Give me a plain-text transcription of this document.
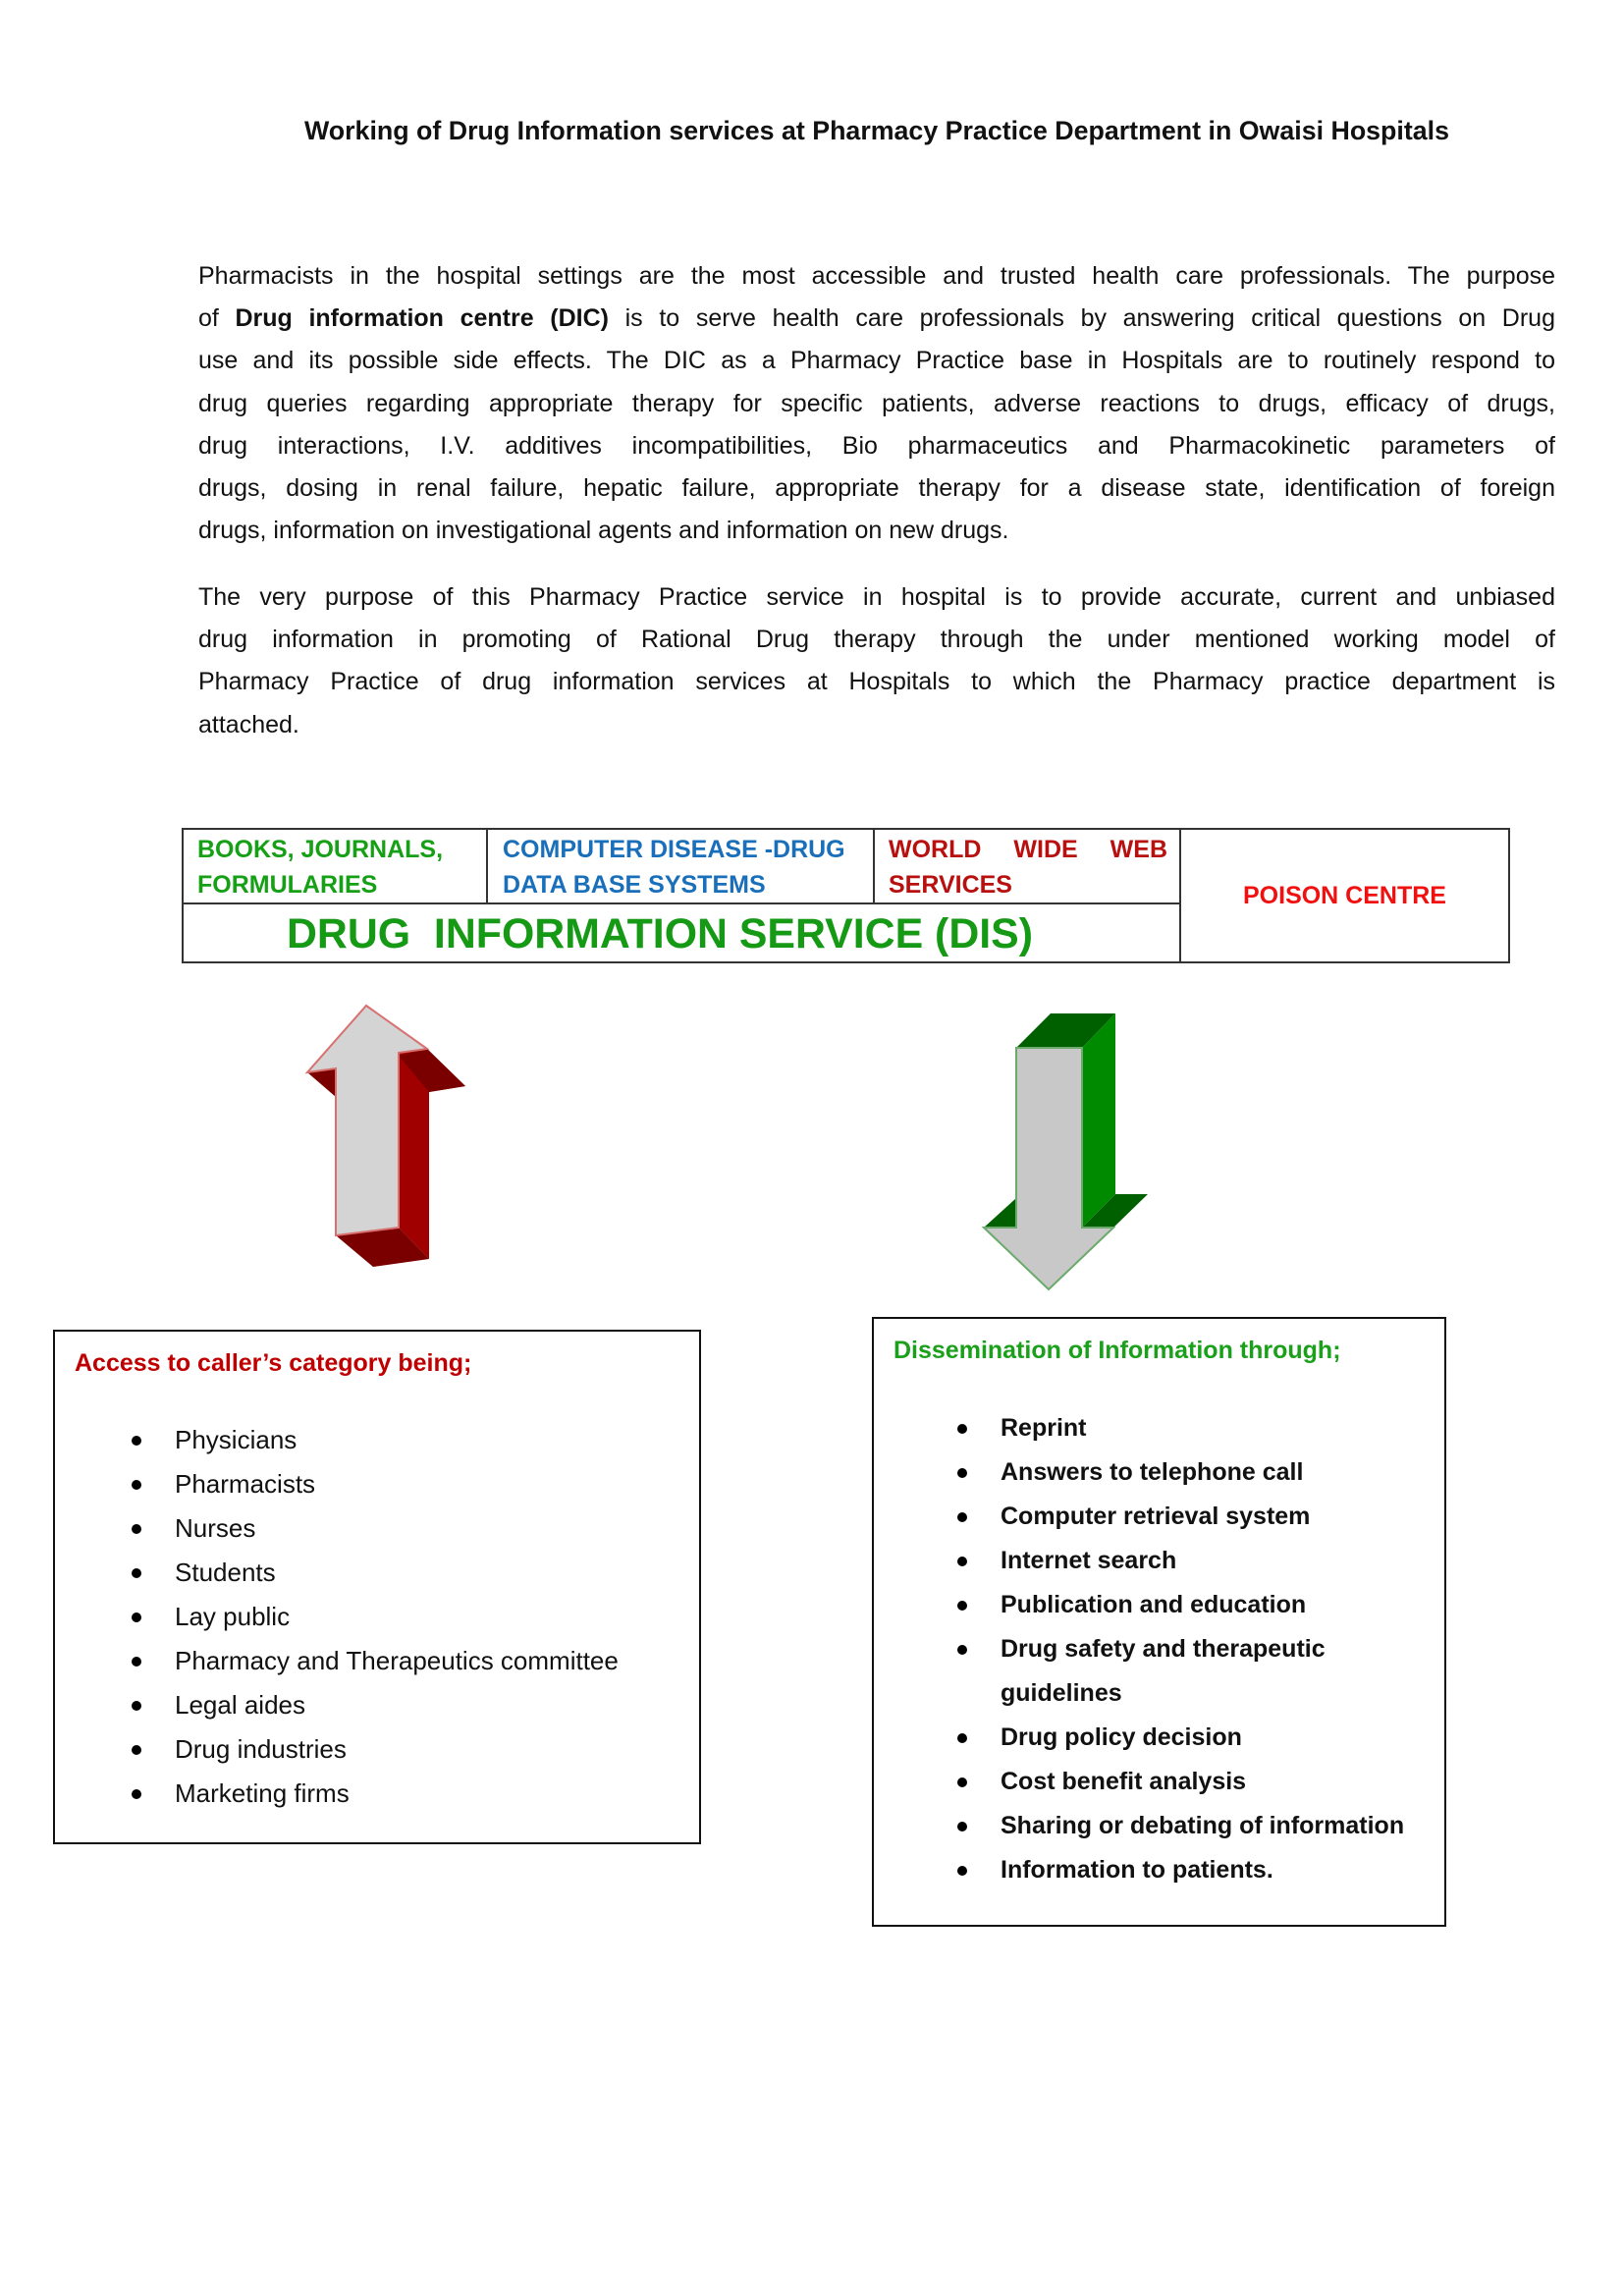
Working of Drug Information services at Pharmacy Practice Department in Owaisi Hospitals
Pharmacists in the hospital settings are the most accessible and trusted health care professionals. The purpose
of Drug information centre (DIC) is to serve health care professionals by answering critical questions on Drug
use and its possible side effects. The DIC as a Pharmacy Practice base in Hospitals are to routinely respond to
drug queries regarding appropriate therapy for specific patients, adverse reactions to drugs, efficacy of drugs,
drug interactions, I.V. additives incompatibilities, Bio pharmaceutics and Pharmacokinetic parameters of
drugs, dosing in renal failure, hepatic failure, appropriate therapy for a disease state, identification of foreign
drugs, information on investigational agents and information on new drugs.
The very purpose of this Pharmacy Practice service in hospital is to provide accurate, current and unbiased
drug information in promoting of Rational Drug therapy through the under mentioned working model of
Pharmacy Practice of drug information services at Hospitals to which the Pharmacy practice department is
attached.
BOOKS, JOURNALS,
FORMULARIES
COMPUTER DISEASE -DRUG
DATA BASE SYSTEMS
WORLD WIDE WEB
SERVICES	POISON CENTRE
DRUG  INFORMATION SERVICE (DIS)
Access to caller’s category being;
Physicians
Pharmacists
Nurses
Students
Lay public
Pharmacy and Therapeutics committee
Legal aides
Drug industries
Marketing firms
Dissemination of Information through;
Reprint
Answers to telephone call
Computer retrieval system
Internet search
Publication and education
Drug safety and therapeutic
guidelines
Drug policy decision
Cost benefit analysis
Sharing or debating of information
Information to patients.
